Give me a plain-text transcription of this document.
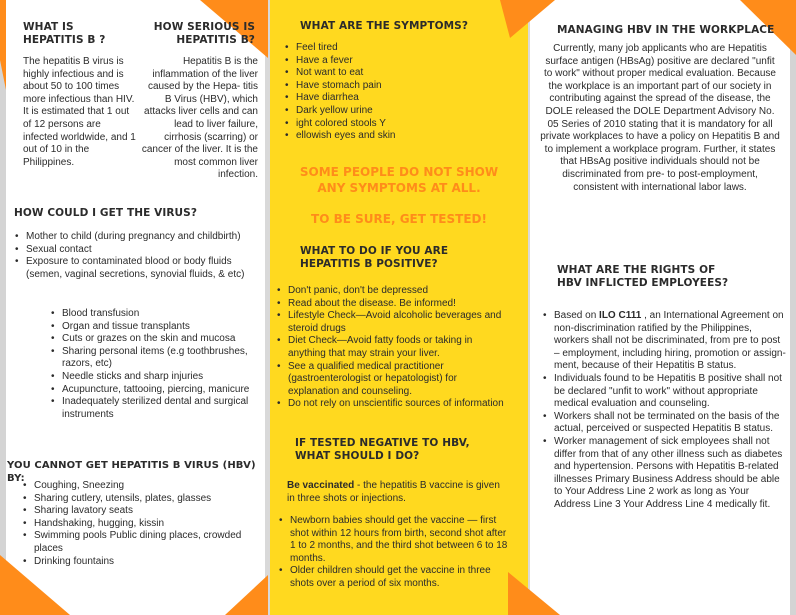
WHAT IS HEPATITIS B ?
The hepatitis B virus is highly infectious and is about 50 to 100 times more infectious than HIV. It is estimated that 1 out of 12 persons are infected worldwide, and 1 out of 10 in the Philippines.
HOW SERIOUS IS HEPATITIS B?
Hepatitis B is the inflammation of the liver caused by the Hepa- titis B Virus (HBV), which attacks liver cells and can lead to liver failure, cirrhosis (scarring) or cancer of the liver. It is the most common liver infection.
HOW COULD I GET THE VIRUS?
• Mother to child (during pregnancy and childbirth)
• Sexual contact
• Exposure to contaminated blood or body fluids (semen, vaginal secretions, synovial fluids, & etc)
• Blood transfusion
• Organ and tissue transplants
• Cuts or grazes on the skin and mucosa
• Sharing personal items (e.g toothbrushes, razors, etc)
• Needle sticks and sharp injuries
• Acupuncture, tattooing, piercing, manicure
• Inadequately sterilized dental and surgical instruments
YOU CANNOT GET HEPATITIS B VIRUS (HBV) BY:
• Coughing, Sneezing
• Sharing cutlery, utensils, plates, glasses
• Sharing lavatory seats
• Handshaking, hugging, kissin
• Swimming pools Public dining places, crowded places
• Drinking fountains
WHAT ARE THE SYMPTOMS?
• Feel tired
• Have a fever
• Not want to eat
• Have stomach pain
• Have diarrhea
• Dark yellow urine
• ight colored stools Y
• ellowish eyes and skin
SOME PEOPLE DO NOT SHOW ANY SYMPTOMS AT ALL.
TO BE SURE, GET TESTED!
WHAT TO DO IF YOU ARE HEPATITIS B POSITIVE?
• Don't panic, don't be depressed
• Read about the disease. Be informed!
• Lifestyle Check—Avoid alcoholic beverages and steroid drugs
• Diet Check—Avoid fatty foods or taking in anything that may strain your liver.
• See a qualified medical practitioner (gastroenterologist or hepatologist) for explanation and counseling.
• Do not rely on unscientific sources of information
IF TESTED NEGATIVE TO HBV, WHAT SHOULD I DO?
Be vaccinated - the hepatitis B vaccine is given in three shots or injections.
• Newborn babies should get the vaccine — first shot within 12 hours from birth, second shot after 1 to 2 months, and the third shot between 6 to 18 months.
• Older children should get the vaccine in three shots over a period of six months.
MANAGING HBV IN THE WORKPLACE
Currently, many job applicants who are Hepatitis surface antigen (HBsAg) positive are declared "unfit to work" without proper medical evaluation. Because the workplace is an important part of our society in contributing against the spread of the disease, the DOLE released the DOLE Department Advisory No. 05 Series of 2010 stating that it is mandatory for all private workplaces to have a policy on Hepatitis B and to implement a workplace program. Further, it states that HBsAg positive individuals should not be discriminated from pre- to post-employment, consistent with international labor laws.
WHAT ARE THE RIGHTS OF HBV INFLICTED EMPLOYEES?
• Based on ILO C111 , an International Agreement on non-discrimination ratified by the Philippines, workers shall not be discriminated, from pre to post – employment, including hiring, promotion or assign- ment, because of their Hepatitis B status.
• Individuals found to be Hepatitis B positive shall not be declared "unfit to work" without appropriate medical evaluation and counseling.
• Workers shall not be terminated on the basis of the actual, perceived or suspected Hepatitis B status.
• Worker management of sick employees shall not differ from that of any other illness such as diabetes and hypertension. Persons with Hepatitis B-related illnesses Primary Business Address should be able to Your Address Line 2 work as long as Your Address Line 3 Your Address Line 4 medically fit.
